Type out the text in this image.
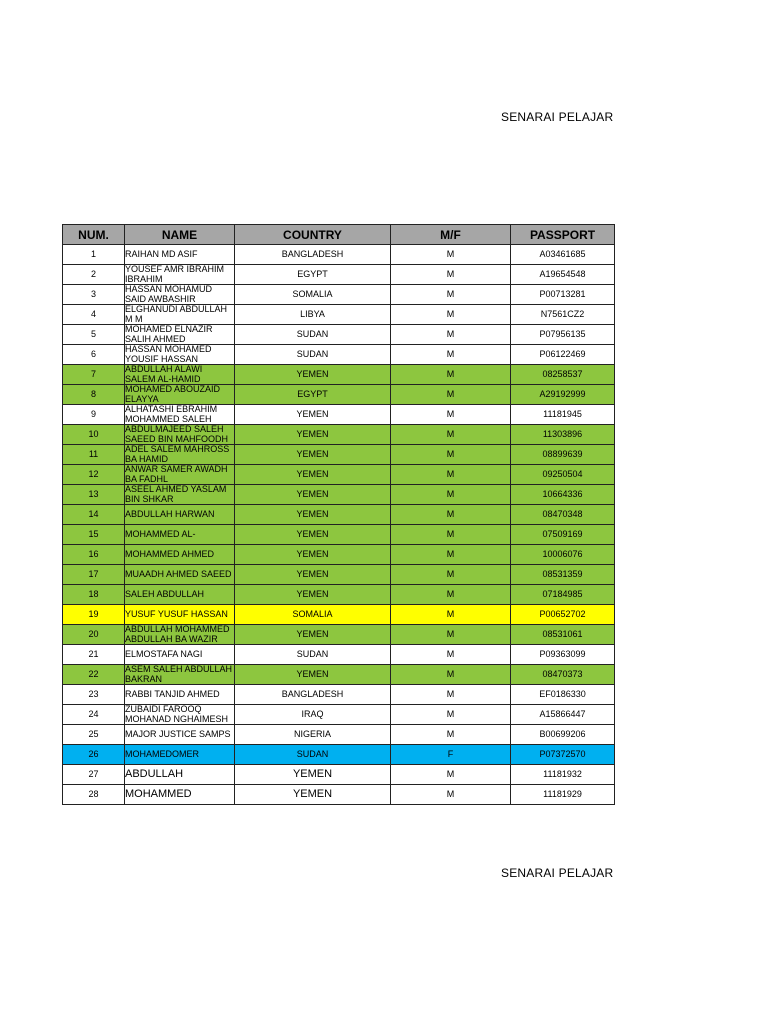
SENARAI PELAJAR
NUM.	NAME	COUNTRY	M/F	PASSPORT
1	RAIHAN MD ASIF	BANGLADESH	M	A03461685
2	YOUSEF AMR IBRAHIM IBRAHIM	EGYPT	M	A19654548
3	HASSAN MOHAMUD SAID AWBASHIR	SOMALIA	M	P00713281
4	ELGHANUDI ABDULLAH M M	LIBYA	M	N7561CZ2
5	MOHAMED ELNAZIR SALIH AHMED	SUDAN	M	P07956135
6	HASSAN MOHAMED YOUSIF HASSAN	SUDAN	M	P06122469
7	ABDULLAH ALAWI SALEM AL-HAMID	YEMEN	M	08258537
8	MOHAMED ABOUZAID ELAYYA	EGYPT	M	A29192999
9	ALHATASHI EBRAHIM MOHAMMED SALEH	YEMEN	M	11181945
10	ABDULMAJEED SALEH SAEED BIN MAHFOODH	YEMEN	M	11303896
11	ADEL SALEM MAHROSS BA HAMID	YEMEN	M	08899639
12	ANWAR SAMER AWADH BA FADHL	YEMEN	M	09250504
13	ASEEL AHMED YASLAM BIN SHKAR	YEMEN	M	10664336
14	ABDULLAH HARWAN	YEMEN	M	08470348
15	MOHAMMED AL-	YEMEN	M	07509169
16	MOHAMMED AHMED	YEMEN	M	10006076
17	MUAADH AHMED SAEED	YEMEN	M	08531359
18	SALEH ABDULLAH	YEMEN	M	07184985
19	YUSUF YUSUF HASSAN	SOMALIA	M	P00652702
20	ABDULLAH MOHAMMED ABDULLAH BA WAZIR	YEMEN	M	08531061
21	ELMOSTAFA NAGI	SUDAN	M	P09363099
22	ASEM SALEH ABDULLAH BAKRAN	YEMEN	M	08470373
23	RABBI TANJID AHMED	BANGLADESH	M	EF0186330
24	ZUBAIDI FAROOQ MOHANAD NGHAIMESH	IRAQ	M	A15866447
25	MAJOR JUSTICE SAMPS	NIGERIA	M	B00699206
26	MOHAMEDOMER	SUDAN	F	P07372570
27	ABDULLAH	YEMEN	M	11181932
28	MOHAMMED	YEMEN	M	11181929
SENARAI PELAJAR
